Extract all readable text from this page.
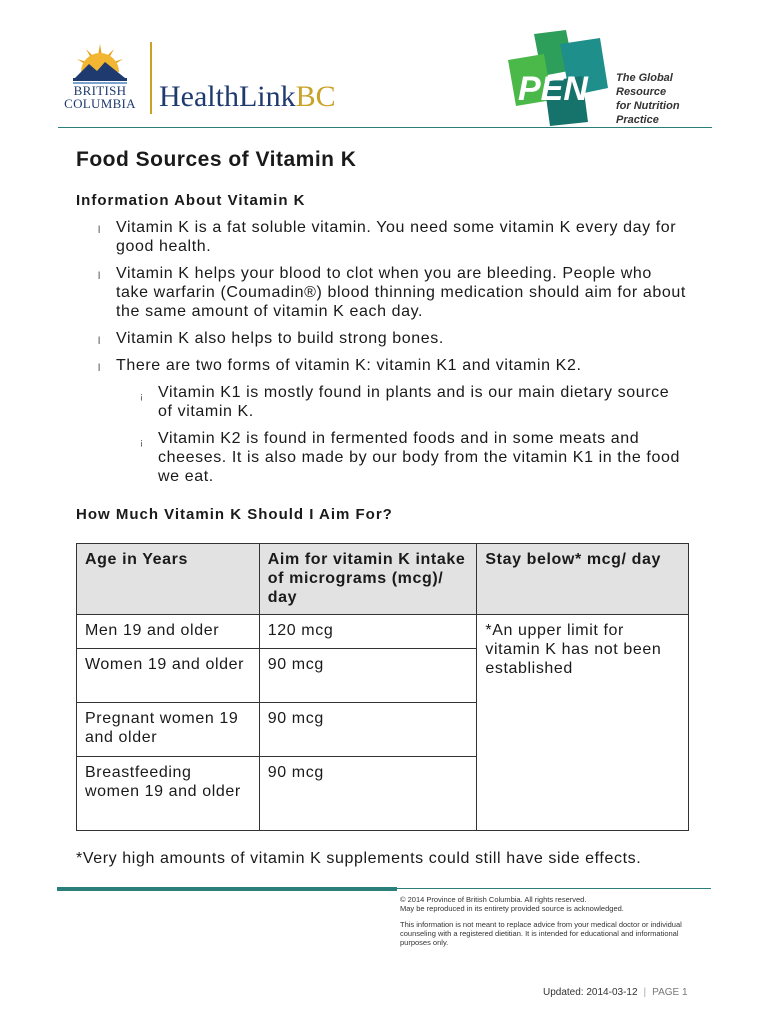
BRITISH
COLUMBIA HealthLinkBC	PEN	The Global Resource
for Nutrition Practice
Food Sources of Vitamin K
Information About Vitamin K
l Vitamin K is a fat soluble vitamin. You need some vitamin K every day for good health.
l Vitamin K helps your blood to clot when you are bleeding. People who take warfarin (Coumadin®) blood thinning medication should aim for about the same amount of vitamin K each day.
l Vitamin K also helps to build strong bones.
l There are two forms of vitamin K: vitamin K1 and vitamin K2.
¡ Vitamin K1 is mostly found in plants and is our main dietary source of vitamin K.
¡ Vitamin K2 is found in fermented foods and in some meats and cheeses. It is also made by our body from the vitamin K1 in the food we eat.
How Much Vitamin K Should I Aim For?
Age in Years	Aim for vitamin K intake of micrograms (mcg)/ day	Stay below* mcg/ day
Men 19 and older	120 mcg	*An upper limit for vitamin K has not been established
Women 19 and older	90 mcg	
Pregnant women 19 and older	90 mcg	
Breastfeeding women 19 and older	90 mcg	
*Very high amounts of vitamin K supplements could still have side effects.

© 2014 Province of British Columbia. All rights reserved.
May be reproduced in its entirety provided source is acknowledged.

This information is not meant to replace advice from your medical doctor or individual counseling with a registered dietitian. It is intended for educational and informational purposes only.

Updated: 2014-03-12 | PAGE 1
